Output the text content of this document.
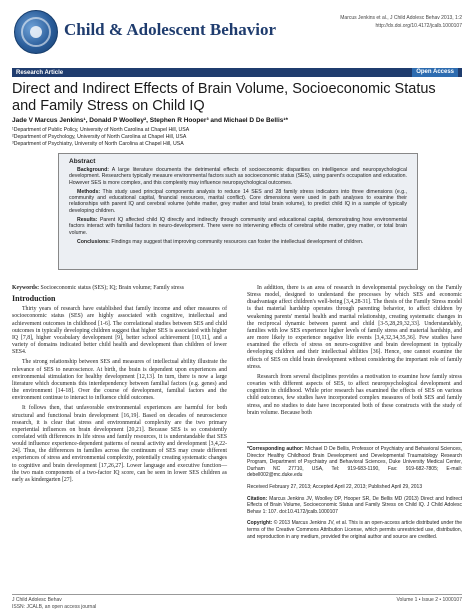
Child & Adolescent Behavior
Marcus Jenkins et al., J Child Adolesc Behav 2013, 1:2
http://dx.doi.org/10.4172/jcalb.1000107
Research Article	Open Access
Direct and Indirect Effects of Brain Volume, Socioeconomic Status and Family Stress on Child IQ
Jade V Marcus Jenkins¹, Donald P Woolley², Stephen R Hooper³ and Michael D De Bellis¹*
¹Department of Public Policy, University of North Carolina at Chapel Hill, USA
²Department of Psychology, University of North Carolina at Chapel Hill, USA
³Department of Psychiatry, University of North Carolina at Chapel Hill, USA
Abstract

Background: A large literature documents the detrimental effects of socioeconomic disparities on intelligence and neuropsychological development. Researchers typically measure environmental factors such as socioeconomic status (SES), using parent's occupation and education. However SES is more complex, and this complexity may influence neuropsychological outcomes.

Methods: This study used principal components analysis to reduce 14 SES and 28 family stress indicators into three dimensions (e.g., community and educational capital, financial resources, marital conflict). Core dimensions were used in path analyses to examine their relationships with parent IQ and cerebral volume (white matter, grey matter and total brain volume), to predict child IQ in a sample of typically developing children.

Results: Parent IQ affected child IQ directly and indirectly through community and educational capital, demonstrating how environmental factors interact with familial factors in neuro-development. There were no intervening effects of cerebral white matter, grey matter, or total brain volume.

Conclusions: Findings may suggest that improving community resources can foster the intellectual development of children.

Keywords: Socioeconomic status (SES); IQ; Brain volume; Family stress

Introduction

Thirty years of research have established that family income and other measures of socioeconomic status (SES) are highly associated with cognitive, intellectual and achievement outcomes in childhood [1-6]. The correlational studies between SES and child outcomes in typically developing children suggest that higher SES is associated with higher IQ [7,8], higher vocabulary development [9], better school achievement [10,11], and a variety of domains indicated better child health and development than children of lower SES4.

The strong relationship between SES and measures of intellectual ability illustrate the relevance of SES to neuroscience. At birth, the brain is dependent upon experiences and environmental stimulation for healthy development [12,13]. In turn, there is now a large literature which documents this interdependency between familial factors (e.g. genes) and the environment [14-18]. Over the course of development, familial factors and the environment continue to interact to influence child outcomes.

It follows then, that unfavorable environmental experiences are harmful for both structural and functional brain development [16,19]. Based on decades of neuroscience research, it is clear that stress and environmental complexity are the two primary experiential influences on brain development [20,21]. Because SES is so consistently correlated with differences in life stress and family resources, it is understandable that SES would influence experience-dependent patterns of neural activity and development [3,4,22-24]. Thus, the differences in families across the continuum of SES may create different experiences of stress and environmental complexity, potentially creating systematic changes to cognitive and brain development [17,26,27]. Lower language and executive function—the two main components of a two-factor IQ score, can be seen in lower SES children as early as kindergarten [27].

In addition, there is an area of research in developmental psychology on the Family Stress model, designed to understand the processes by which SES and economic disadvantage affect children's well-being [3,4,28-31]. The thesis of the Family Stress model is that material hardship operates through parenting behavior, to affect children by weakening parents' mental health and marital relationship, creating systematic changes in the reciprocal dynamic between parent and child [3-5,28,29,32,33]. Understandably, families with low SES experience higher levels of family stress and material hardship, and are more likely to experience negative life events [3,4,32,34,35,36]. Few studies have examined the effects of stress on neuro-cognitive and brain development in typically developing children and their intellectual abilities [36]. Hence, one cannot examine the effects of SES on child brain development without considering the important role of family stress.

Research from several disciplines provides a motivation to examine how family stress covaries with different aspects of SES, to affect neuropsychological development and cognition in childhood. While prior research has examined the effects of SES on various child outcomes, few studies have incorporated complex measures of both SES and family stress, and no studies to date have incorporated both of these constructs with the study of brain volume. Because both

*Corresponding author: Michael D De Bellis, Professor of Psychiatry and Behavioral Sciences, Director Healthy Childhood Brain Development and Developmental Traumatology Research Program, Department of Psychiatry and Behavioral Sciences, Duke University Medical Center, Durham NC 27710, USA, Tel: 919-683-1190, Fax: 919-682-7805; E-mail: debell002@mc.duke.edu

Received February 27, 2013; Accepted April 22, 2013; Published April 29, 2013

Citation: Marcus Jenkins JV, Woolley DP, Hooper SR, De Bellis MD (2013) Direct and Indirect Effects of Brain Volume, Socioeconomic Status and Family Stress on Child IQ. J Child Adolesc Behav 1: 107. doi:10.4172/jcalb.1000107

Copyright: © 2013 Marcus Jenkins JV, et al. This is an open-access article distributed under the terms of the Creative Commons Attribution License, which permits unrestricted use, distribution, and reproduction in any medium, provided the original author and source are credited.

J Child Adolesc Behav
ISSN: JCALB, an open access journal
Volume 1 • Issue 2 • 1000107
